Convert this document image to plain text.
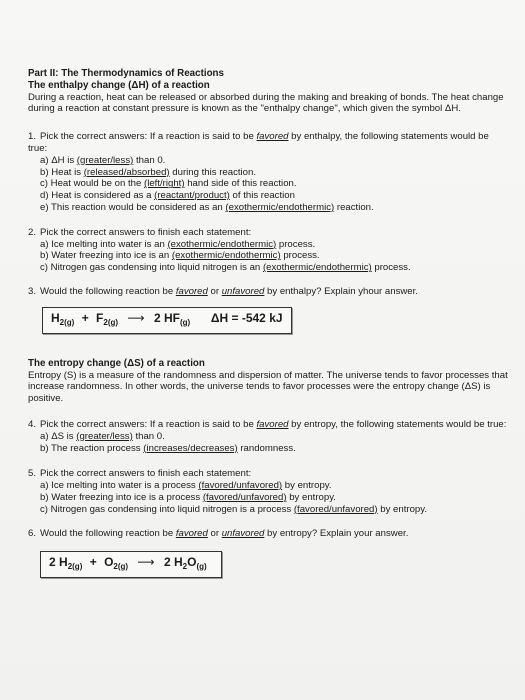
Part II: The Thermodynamics of Reactions
The enthalpy change (ΔH) of a reaction

During a reaction, heat can be released or absorbed during the making and breaking of bonds. The heat change during a reaction at constant pressure is known as the "enthalpy change", which given the symbol ΔH.

1. Pick the correct answers: If a reaction is said to be favored by enthalpy, the following statements would be true:
a) ΔH is (greater/less) than 0.
b) Heat is (released/absorbed) during this reaction.
c) Heat would be on the (left/right) hand side of this reaction.
d) Heat is considered as a (reactant/product) of this reaction
e) This reaction would be considered as an (exothermic/endothermic) reaction.
2. Pick the correct answers to finish each statement:
a) Ice melting into water is an (exothermic/endothermic) process.
b) Water freezing into ice is an (exothermic/endothermic) process.
c) Nitrogen gas condensing into liquid nitrogen is an (exothermic/endothermic) process.
3. Would the following reaction be favored or unfavored by enthalpy? Explain yhour answer.
$H_{2(g)} + F_{2(g)}$ ⟶ 2 $HF_{(g)}$ ΔH = -542 kJ
The entropy change (ΔS) of a reaction

Entropy (S) is a measure of the randomness and dispersion of matter. The universe tends to favor processes that increase randomness. In other words, the universe tends to favor processes were the entropy change (ΔS) is positive.

4. Pick the correct answers: If a reaction is said to be favored by entropy, the following statements would be true:
a) ΔS is (greater/less) than 0.
b) The reaction process (increases/decreases) randomness.
5. Pick the correct answers to finish each statement:
a) Ice melting into water is a process (favored/unfavored) by entropy.
b) Water freezing into ice is a process (favored/unfavored) by entropy.
c) Nitrogen gas condensing into liquid nitrogen is a process (favored/unfavored) by entropy.
6. Would the following reaction be favored or unfavored by entropy? Explain your answer.
2 $H_{2(g)} + O_{2(g)}$ ⟶ 2 $H_2O_{(g)}$
